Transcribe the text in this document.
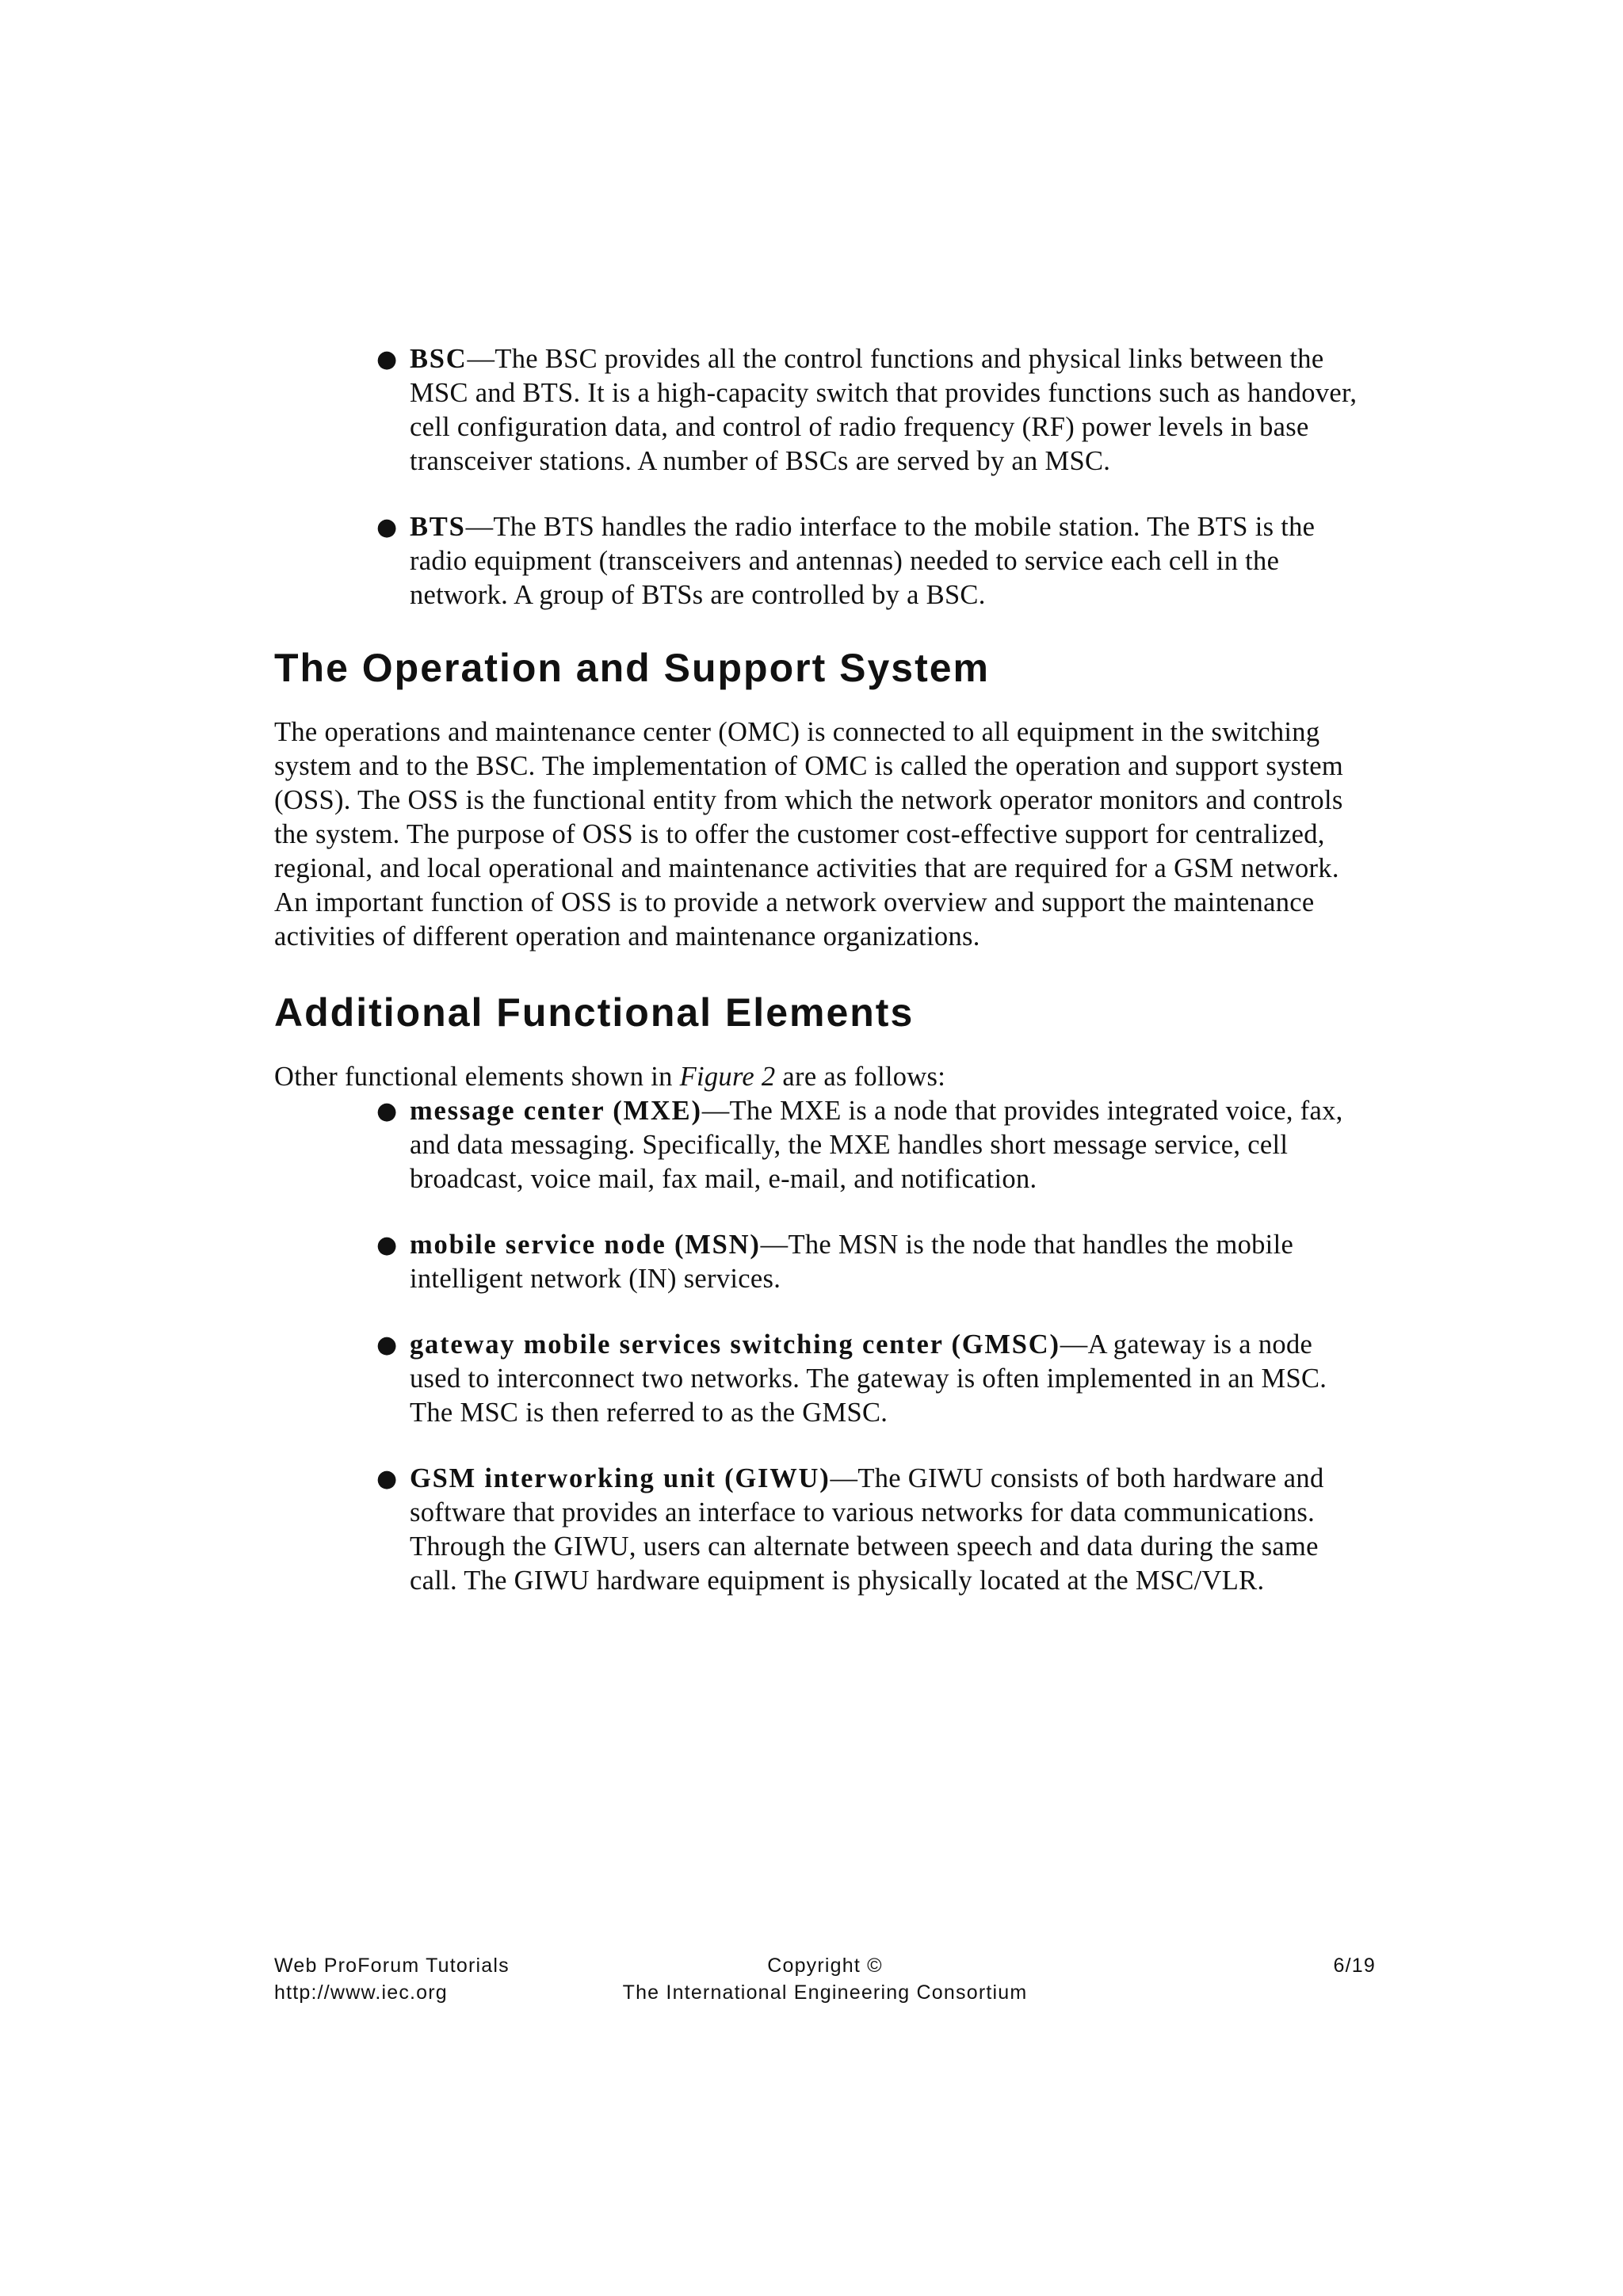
● BSC—The BSC provides all the control functions and physical links between the MSC and BTS. It is a high-capacity switch that provides functions such as handover, cell configuration data, and control of radio frequency (RF) power levels in base transceiver stations. A number of BSCs are served by an MSC.
● BTS—The BTS handles the radio interface to the mobile station. The BTS is the radio equipment (transceivers and antennas) needed to service each cell in the network. A group of BTSs are controlled by a BSC.
The Operation and Support System

The operations and maintenance center (OMC) is connected to all equipment in the switching system and to the BSC. The implementation of OMC is called the operation and support system (OSS). The OSS is the functional entity from which the network operator monitors and controls the system. The purpose of OSS is to offer the customer cost-effective support for centralized, regional, and local operational and maintenance activities that are required for a GSM network. An important function of OSS is to provide a network overview and support the maintenance activities of different operation and maintenance organizations.

Additional Functional Elements

Other functional elements shown in Figure 2 are as follows:

● message center (MXE)—The MXE is a node that provides integrated voice, fax, and data messaging. Specifically, the MXE handles short message service, cell broadcast, voice mail, fax mail, e-mail, and notification.
● mobile service node (MSN)—The MSN is the node that handles the mobile intelligent network (IN) services.
● gateway mobile services switching center (GMSC)—A gateway is a node used to interconnect two networks. The gateway is often implemented in an MSC. The MSC is then referred to as the GMSC.
● GSM interworking unit (GIWU)—The GIWU consists of both hardware and software that provides an interface to various networks for data communications. Through the GIWU, users can alternate between speech and data during the same call. The GIWU hardware equipment is physically located at the MSC/VLR.
Web ProForum Tutorials
http://www.iec.org
Copyright ©
The International Engineering Consortium
6/19
